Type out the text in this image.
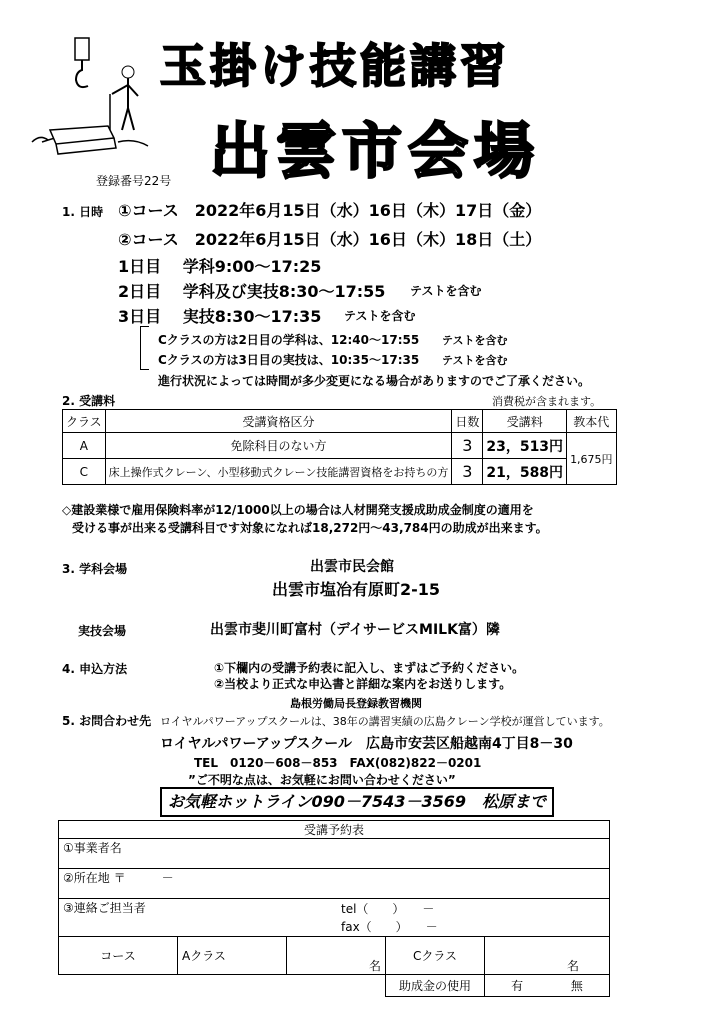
玉掛け技能講習
出雲市会場
登録番号22号
1. 日時 ①コース　2022年6月15日（水）16日（木）17日（金）
②コース　2022年6月15日（水）16日（木）18日（土）
1日目　 学科9:00～17:25
2日目　 学科及び実技8:30～17:55 テストを含む
3日目　 実技8:30～17:35 テストを含む
Cクラスの方は2日目の学科は、12:40～17:55 テストを含む
Cクラスの方は3日目の実技は、10:35～17:35 テストを含む
進行状況によっては時間が多少変更になる場合がありますのでご了承ください。
2. 受講料	消費税が含まれます。
クラス	受講資格区分	日数	受講料	教本代
A	免除科目のない方	3	23，513円	1,675円
C	床上操作式クレーン、小型移動式クレーン技能講習資格をお持ちの方	3	21，588円	
◇建設業様で雇用保険料率が12/1000以上の場合は人材開発支援成助成金制度の適用を
受ける事が出来る受講科目です対象になれば18,272円～43,784円の助成が出来ます。
3. 学科会場	出雲市民会館
出雲市塩冶有原町2-15
実技会場	出雲市斐川町富村（デイサービスMILK富）隣
4. 申込方法	①下欄内の受講予約表に記入し、まずはご予約ください。
②当校より正式な申込書と詳細な案内をお送りします。
島根労働局長登録教習機関
5. お問合わせ先 ロイヤルパワーアップスクールは、38年の講習実績の広島クレーン学校が運営しています。
ロイヤルパワーアップスクール　広島市安芸区船越南4丁目8－30
TEL　0120－608－853　FAX(082)822－0201
”ご不明な点は、お気軽にお問い合わせください”
お気軽ホットライン090－7543－3569　松原まで
受講予約表				
①事業者名				
②所在地 〒　　　－				
③連絡ご担当者 tel（　　）　　－
fax（　　）　　－				

コース	Aクラス	名	Cクラス	名
			助成金の使用	有 無
